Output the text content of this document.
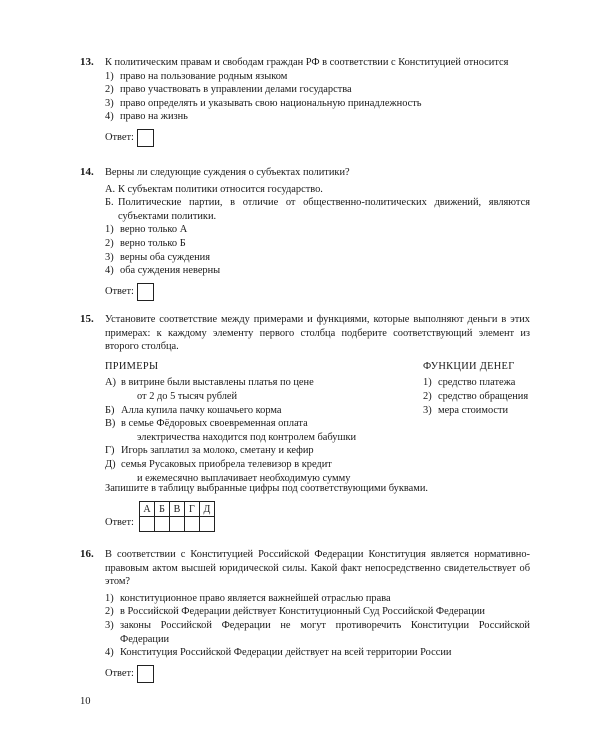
13.	К политическим правам и свободам граждан РФ в соответствии с Конституцией относится
1) право на пользование родным языком
2) право участвовать в управлении делами государства
3) право определять и указывать свою национальную принадлежность
4) право на жизнь
Ответ:
14.	Верны ли следующие суждения о субъектах политики?
А. К субъектам политики относится государство.
Б. Политические партии, в отличие от общественно-политических движений, являются субъектами политики.
1) верно только А
2) верно только Б
3) верны оба суждения
4) оба суждения неверны
Ответ:
15.	Установите соответствие между примерами и функциями, которые выполняют деньги в этих примерах: к каждому элементу первого столбца подберите соответствующий элемент из второго столбца.
ПРИМЕРЫ
А) в витрине были выставлены платья по цене
от 2 до 5 тысяч рублей
Б) Алла купила пачку кошачьего корма
В) в семье Фёдоровых своевременная оплата
электричества находится под контролем бабушки
Г) Игорь заплатил за молоко, сметану и кефир
Д) семья Русаковых приобрела телевизор в кредит
и ежемесячно выплачивает необходимую сумму
ФУНКЦИИ ДЕНЕГ
1) средство платежа
2) средство обращения
3) мера стоимости
Запишите в таблицу выбранные цифры под соответствующими буквами.
Ответ:
А	Б	В	Г	Д

16.	В соответствии с Конституцией Российской Федерации Конституция является нормативно-правовым актом высшей юридической силы. Какой факт непосредственно свидетельствует об этом?
1) конституционное право является важнейшей отраслью права
2) в Российской Федерации действует Конституционный Суд Российской Федерации
3) законы Российской Федерации не могут противоречить Конституции Российской Федерации
4) Конституция Российской Федерации действует на всей территории России
Ответ:
10
